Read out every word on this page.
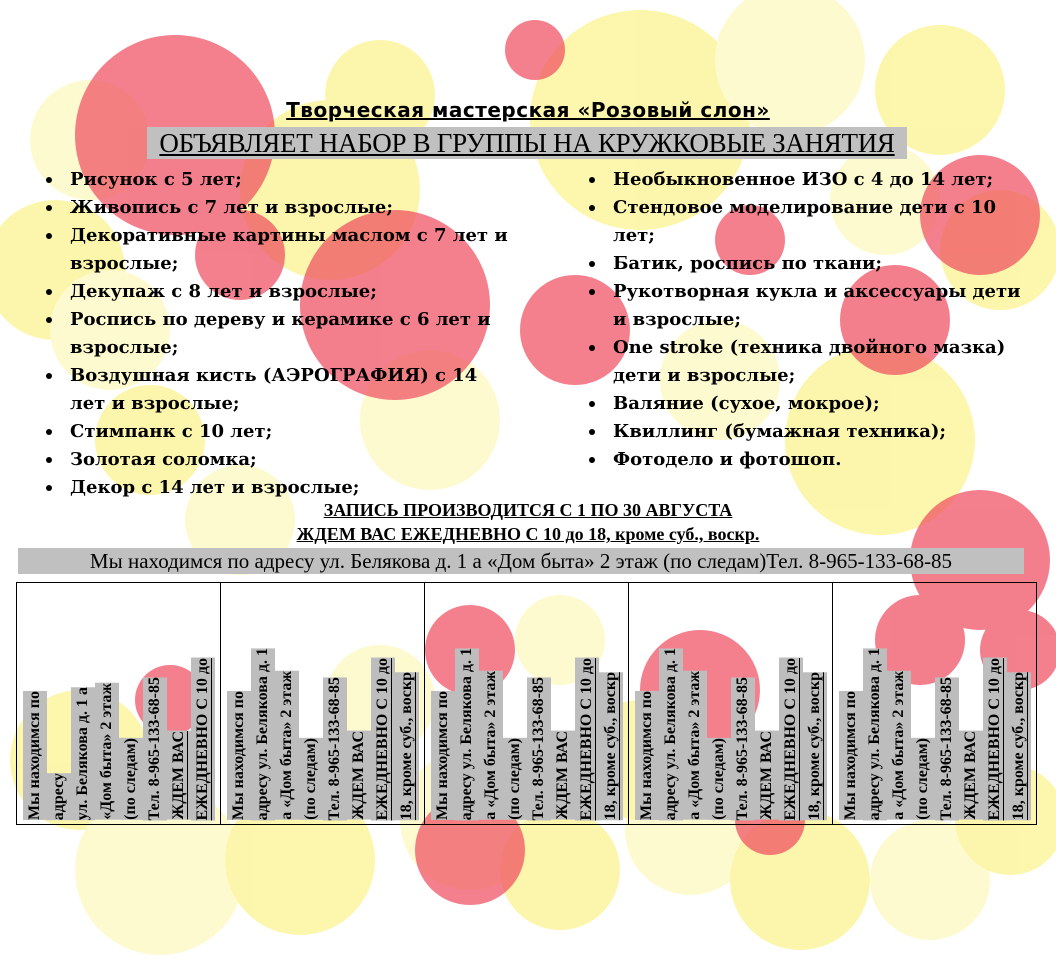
Творческая мастерская «Розовый слон»
ОБЪЯВЛЯЕТ НАБОР В ГРУППЫ НА КРУЖКОВЫЕ ЗАНЯТИЯ
Рисунок с 5 лет;
Живопись с 7 лет и взрослые;
Декоративные картины маслом с 7 лет и взрослые;
Декупаж с 8 лет и взрослые;
Роспись по дереву и керамике с 6 лет и взрослые;
Воздушная кисть (АЭРОГРАФИЯ) с 14 лет и взрослые;
Стимпанк с 10 лет;
Золотая соломка;
Декор с 14 лет и взрослые;
Необыкновенное ИЗО с 4 до 14 лет;
Стендовое моделирование дети с 10 лет;
Батик, роспись по ткани;
Рукотворная кукла и аксессуары дети и взрослые;
One stroke (техника двойного мазка) дети и взрослые;
Валяние (сухое, мокрое);
Квиллинг (бумажная техника);
Фотодело и фотошоп.
ЗАПИСЬ ПРОИЗВОДИТСЯ С 1 ПО 30 АВГУСТА
ЖДЕМ ВАС ЕЖЕДНЕВНО С 10 до 18, кроме суб., воскр.
Мы находимся по адресу ул. Белякова д. 1 а «Дом быта» 2 этаж (по следам)Тел. 8-965-133-68-85
Мы находимся по адресу ул. Белякова д. 1 а «Дом быта» 2 этаж (по следам) Тел. 8-965-133-68-85 ЖДЕМ ВАС ЕЖЕДНЕВНО С 10 до Мы находимся по адресу ул. Белякова д. 1 а «Дом быта» 2 этаж (по следам) Тел. 8-965-133-68-85 ЖДЕМ ВАС ЕЖЕДНЕВНО С 10 до 18, кроме суб., воскр Мы находимся по адресу ул. Белякова д. 1 а «Дом быта» 2 этаж (по следам) Тел. 8-965-133-68-85 ЖДЕМ ВАС ЕЖЕДНЕВНО С 10 до 18, кроме суб., воскр Мы находимся по адресу ул. Белякова д. 1 а «Дом быта» 2 этаж (по следам) Тел. 8-965-133-68-85 ЖДЕМ ВАС ЕЖЕДНЕВНО С 10 до 18, кроме суб., воскр Мы находимся по адресу ул. Белякова д. 1 а «Дом быта» 2 этаж (по следам) Тел. 8-965-133-68-85 ЖДЕМ ВАС ЕЖЕДНЕВНО С 10 до 18, кроме суб., воскр
